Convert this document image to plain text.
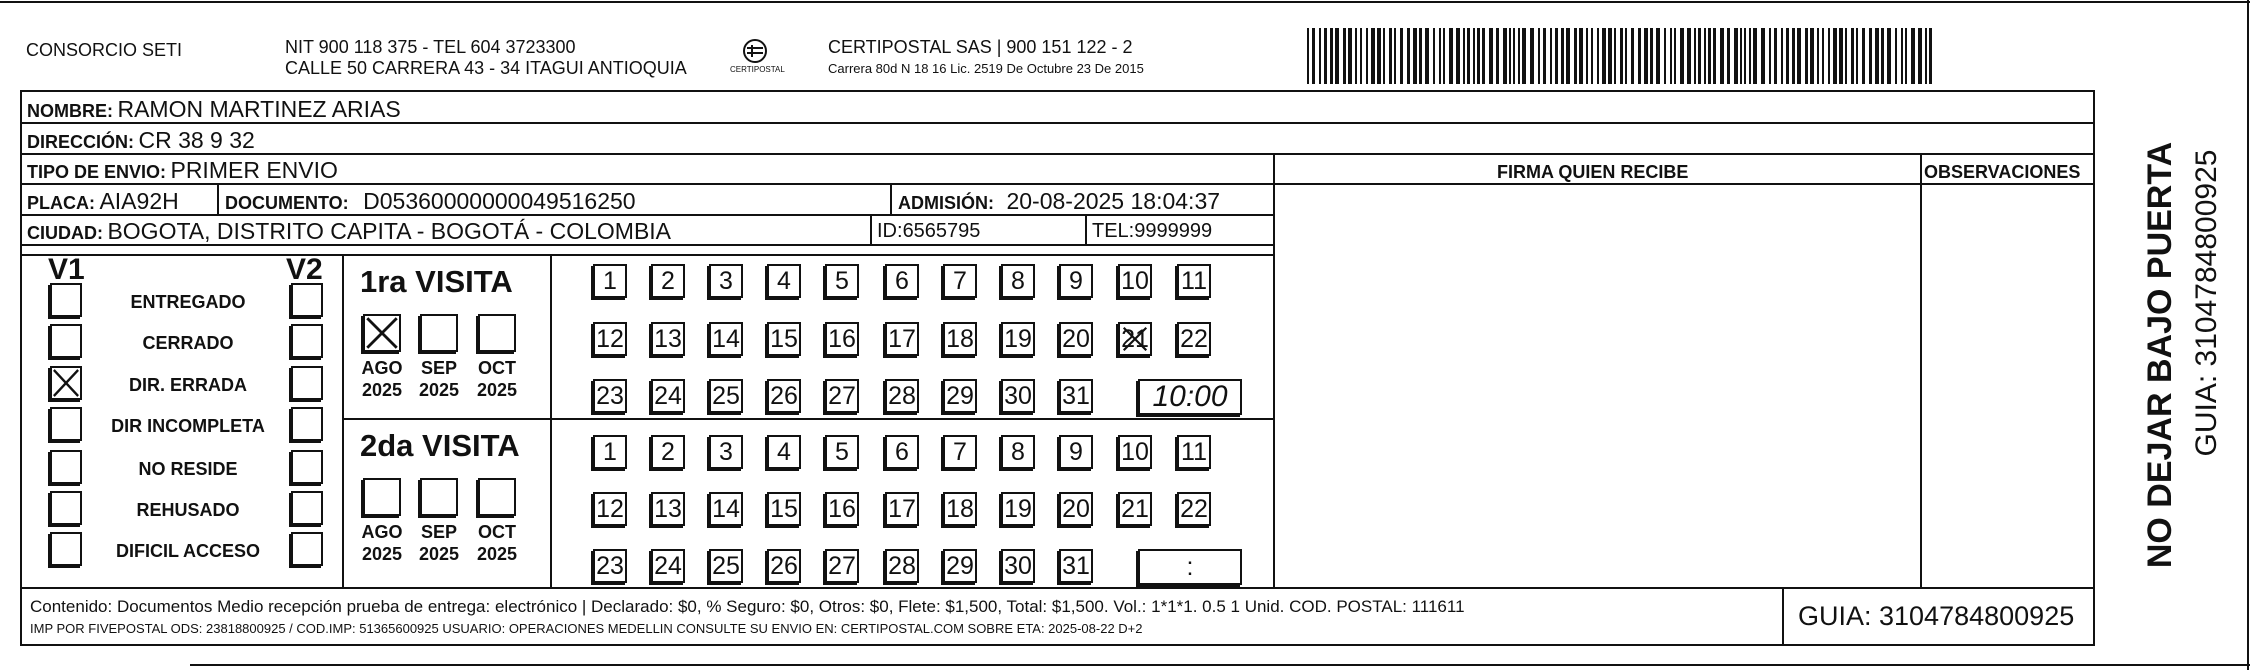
CONSORCIO SETI	NIT 900 118 375 - TEL 604 3723300
CALLE 50 CARRERA 43 - 34 ITAGUI ANTIOQUIA	CERTIPOSTAL
CERTIPOSTAL SAS | 900 151 122 - 2
Carrera 80d N 18 16 Lic. 2519 De Octubre 23 De 2015
NOMBRE: RAMON MARTINEZ ARIAS
DIRECCIÓN: CR 38 9 32
TIPO DE ENVIO: PRIMER ENVIO
PLACA: AIA92H	DOCUMENTO: D05360000000049516250	ADMISIÓN: 20-08-2025 18:04:37
CIUDAD: BOGOTA, DISTRITO CAPITA - BOGOTÁ - COLOMBIA	ID:6565795	TEL:9999999
FIRMA QUIEN RECIBE	OBSERVACIONES
V1	V2
ENTREGADO
CERRADO
DIR. ERRADA
DIR INCOMPLETA
NO RESIDE
REHUSADO
DIFICIL ACCESO
1ra VISITA
AGO
2025
SEP
2025
OCT
2025
1 2 3 4 5 6 7 8 9 10 11
12 13 14 15 16 17 18 19 20 21 22
23 24 25 26 27 28 29 30 31	10:00
2da VISITA
AGO
2025
SEP
2025
OCT
2025
1 2 3 4 5 6 7 8 9 10 11
12 13 14 15 16 17 18 19 20 21 22
23 24 25 26 27 28 29 30 31	:
Contenido: Documentos Medio recepción prueba de entrega: electrónico | Declarado: $0, % Seguro: $0, Otros: $0, Flete: $1,500, Total: $1,500. Vol.: 1*1*1. 0.5 1 Unid. COD. POSTAL: 111611
IMP POR FIVEPOSTAL ODS: 23818800925 / COD.IMP: 51365600925 USUARIO: OPERACIONES MEDELLIN CONSULTE SU ENVIO EN: CERTIPOSTAL.COM SOBRE ETA: 2025-08-22 D+2	GUIA: 3104784800925
NO DEJAR BAJO PUERTA GUIA: 3104784800925
